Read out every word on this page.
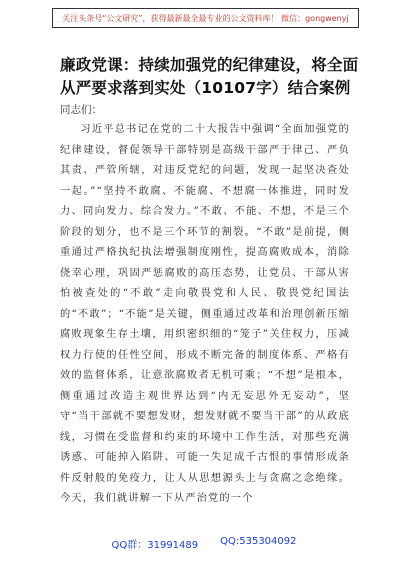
关注头条号“公文研究”，获得最新最全最专业的公文资料库！ 微信：gongwenyj
廉政党课：持续加强党的纪律建设，将全面从严要求落到实处（10107字）结合案例
同志们：
习近平总书记在党的二十大报告中强调“全面加强党的纪律建设，督促领导干部特别是高级干部严于律己、严负其责、严管所辖，对违反党纪的问题，发现一起坚决查处一起。”“坚持不敢腐、不能腐、不想腐一体推进，同时发力、同向发力、综合发力。”不敢、不能、不想，不是三个阶段的划分，也不是三个环节的割裂。“不敢”是前提，侧重通过严格执纪执法增强制度刚性，提高腐败成本，消除侥幸心理，巩固严惩腐败的高压态势，让党员、干部从害怕被查处的“不敢”走向敬畏党和人民、敬畏党纪国法的“不敢”；“不能”是关键，侧重通过改革和治理创新压缩腐败现象生存土壤，用织密织细的“笼子”关住权力，压减权力行使的任性空间，形成不断完备的制度体系、严格有效的监督体系，让意欲腐败者无机可乘；“不想”是根本，侧重通过改造主观世界达到“内无妄思外无妄动”，坚守“当干部就不要想发财，想发财就不要当干部”的从政底线，习惯在受监督和约束的环境中工作生活，对那些充满诱惑、可能掉入陷阱、可能一失足成千古恨的事情形成条件反射般的免疫力，让人从思想源头上与贪腐之念绝缘。今天，我们就讲解一下从严治党的一个
QQ群：31991489 QQ:535304092
